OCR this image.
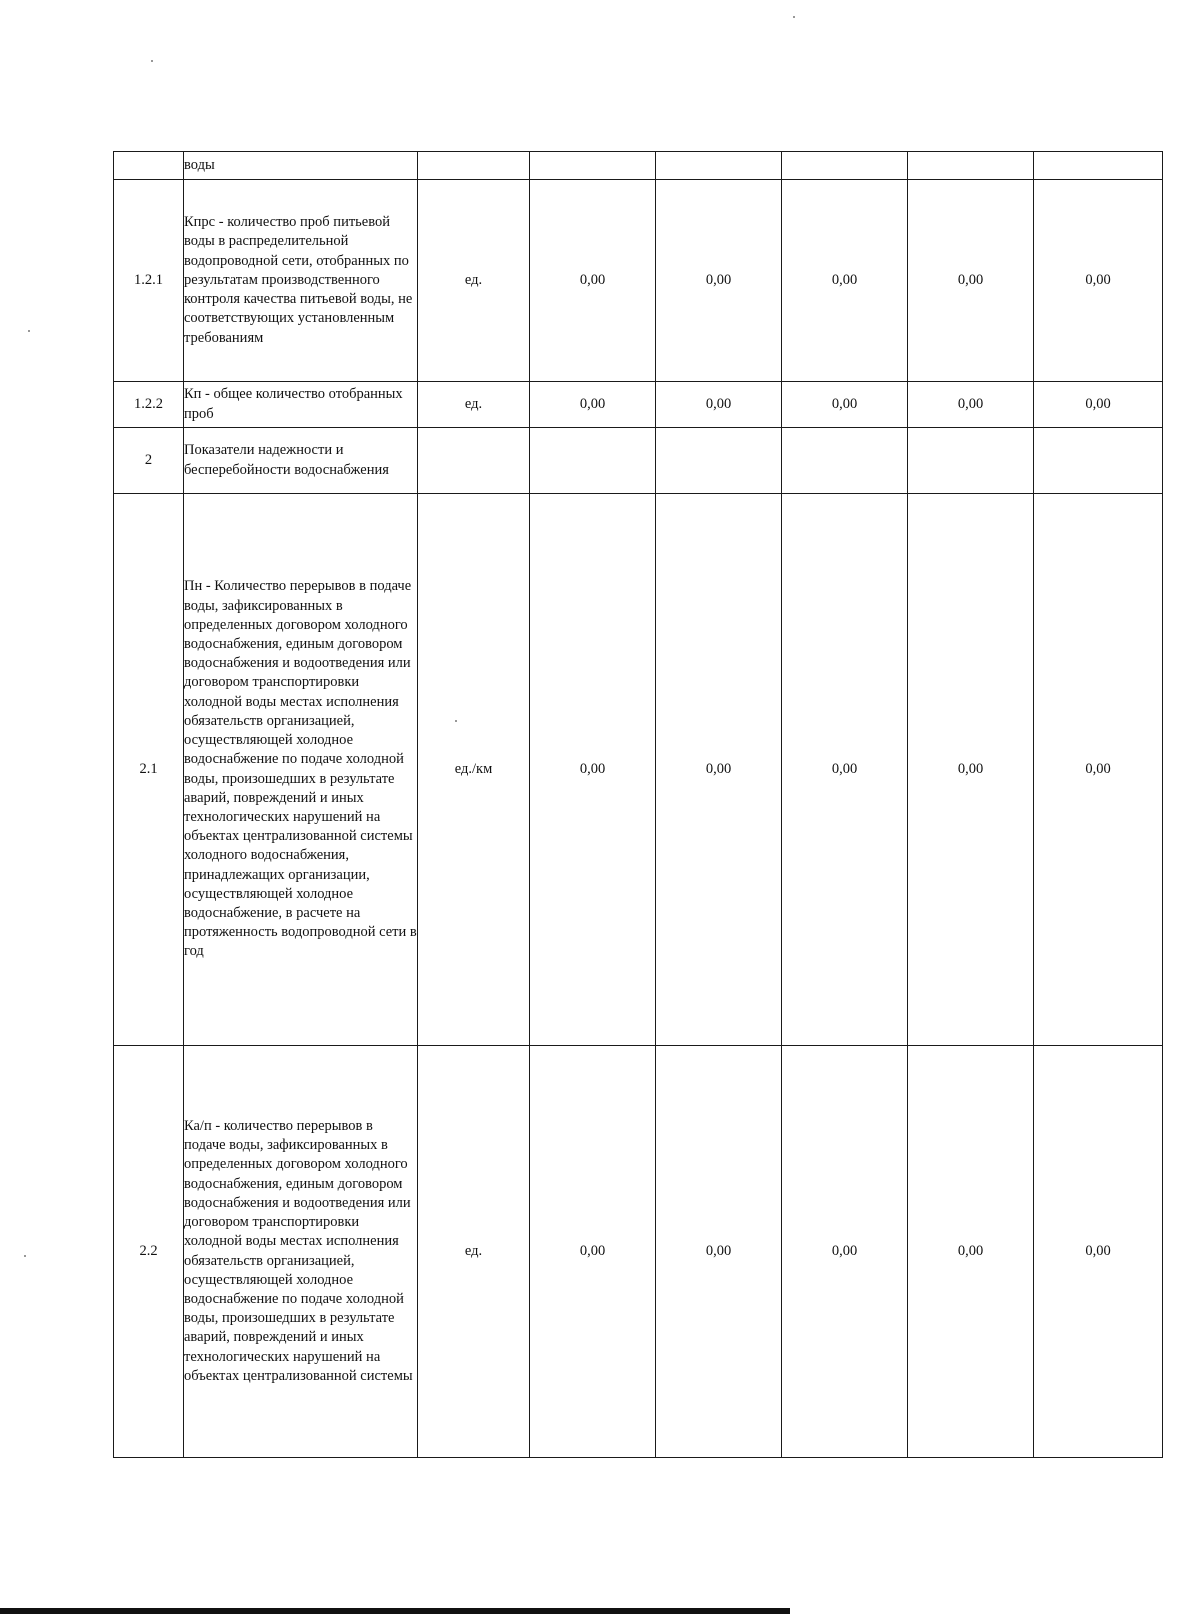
	воды						
1.2.1	Кпрс - количество проб питьевой воды в распределительной водопроводной сети, отобранных по результатам производственного контроля качества питьевой воды, не соответствующих установленным требованиям	ед.	0,00	0,00	0,00	0,00	0,00
1.2.2	Кп - общее количество отобранных проб	ед.	0,00	0,00	0,00	0,00	0,00
2	Показатели надежности и бесперебойности водоснабжения						
2.1	Пн - Количество перерывов в подаче воды, зафиксированных в определенных договором холодного водоснабжения, единым договором водоснабжения и водоотведения или договором транспортировки холодной воды местах исполнения обязательств организацией, осуществляющей холодное водоснабжение по подаче холодной воды, произошедших в результате аварий, повреждений и иных технологических нарушений на объектах централизованной системы холодного водоснабжения, принадлежащих организации, осуществляющей холодное водоснабжение, в расчете на протяженность водопроводной сети в год	ед./км	0,00	0,00	0,00	0,00	0,00
2.2	Ка/п - количество перерывов в подаче воды, зафиксированных в определенных договором холодного водоснабжения, единым договором водоснабжения и водоотведения или договором транспортировки холодной воды местах исполнения обязательств организацией, осуществляющей холодное водоснабжение по подаче холодной воды, произошедших в результате аварий, повреждений и иных технологических нарушений на объектах централизованной системы	ед.	0,00	0,00	0,00	0,00	0,00
